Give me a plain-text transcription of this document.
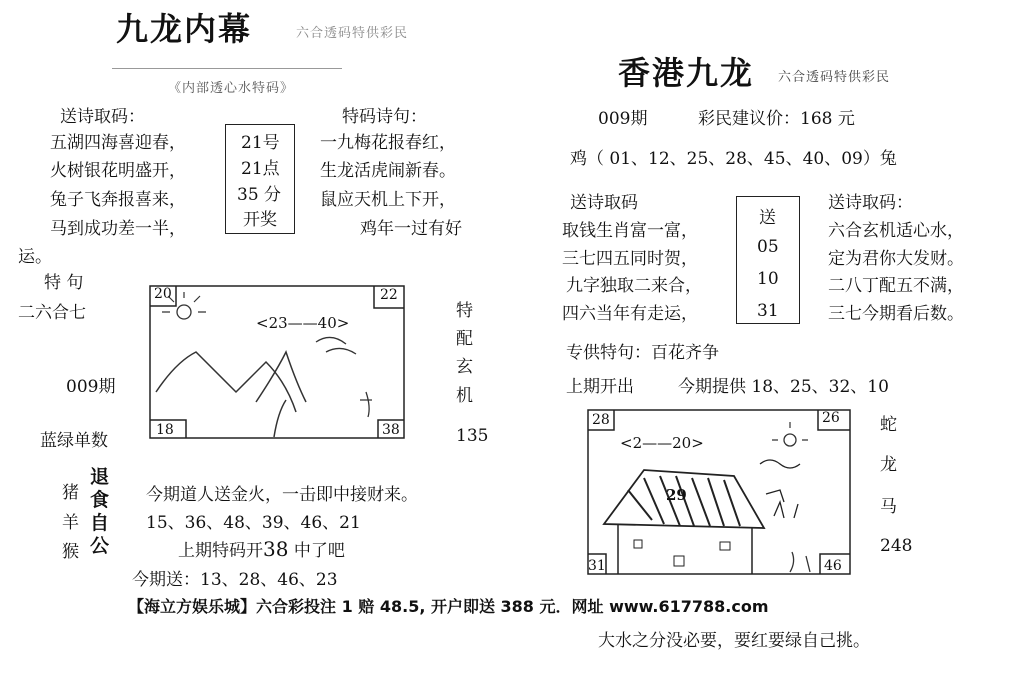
九龙内幕	六合透码特供彩民
《内部透心水特码》
送诗取码：
五湖四海喜迎春，
火树银花明盛开，
兔子飞奔报喜来，
马到成功差一半，
21号
21点
35 分
开奖
特码诗句：
一九梅花报春红，
生龙活虎闹新春。
鼠应天机上下开，
鸡年一过有好
运。
特 句
二六合七
009期
蓝绿单数
20	22
18	38
<23——40>
特
配
玄
机
135
猪
羊
猴
退
食
自
公
今期道人送金火，一击即中接财来。
15、36、48、39、46、21
上期特码开38 中了吧
今期送：13、28、46、23
香港九龙 六合透码特供彩民
009期	彩民建议价：168 元
鸡（ 01、12、25、28、45、40、09）兔
送诗取码	送诗取码：
取钱生肖富一富，
三七四五同时贺，
九字独取二来合，
四六当年有走运，
送
05
10
31
六合玄机适心水，
定为君你大发财。
二八丁配五不满，
三七今期看后数。
专供特句：百花齐争
上期开出	今期提供 18、25、32、10
28	26
31	46
<2——20>
29
蛇
龙
马
248
【海立方娱乐城】六合彩投注 1 赔 48.5, 开户即送 388 元．网址 www.617788.com
大水之分没必要，要红要绿自己挑。
